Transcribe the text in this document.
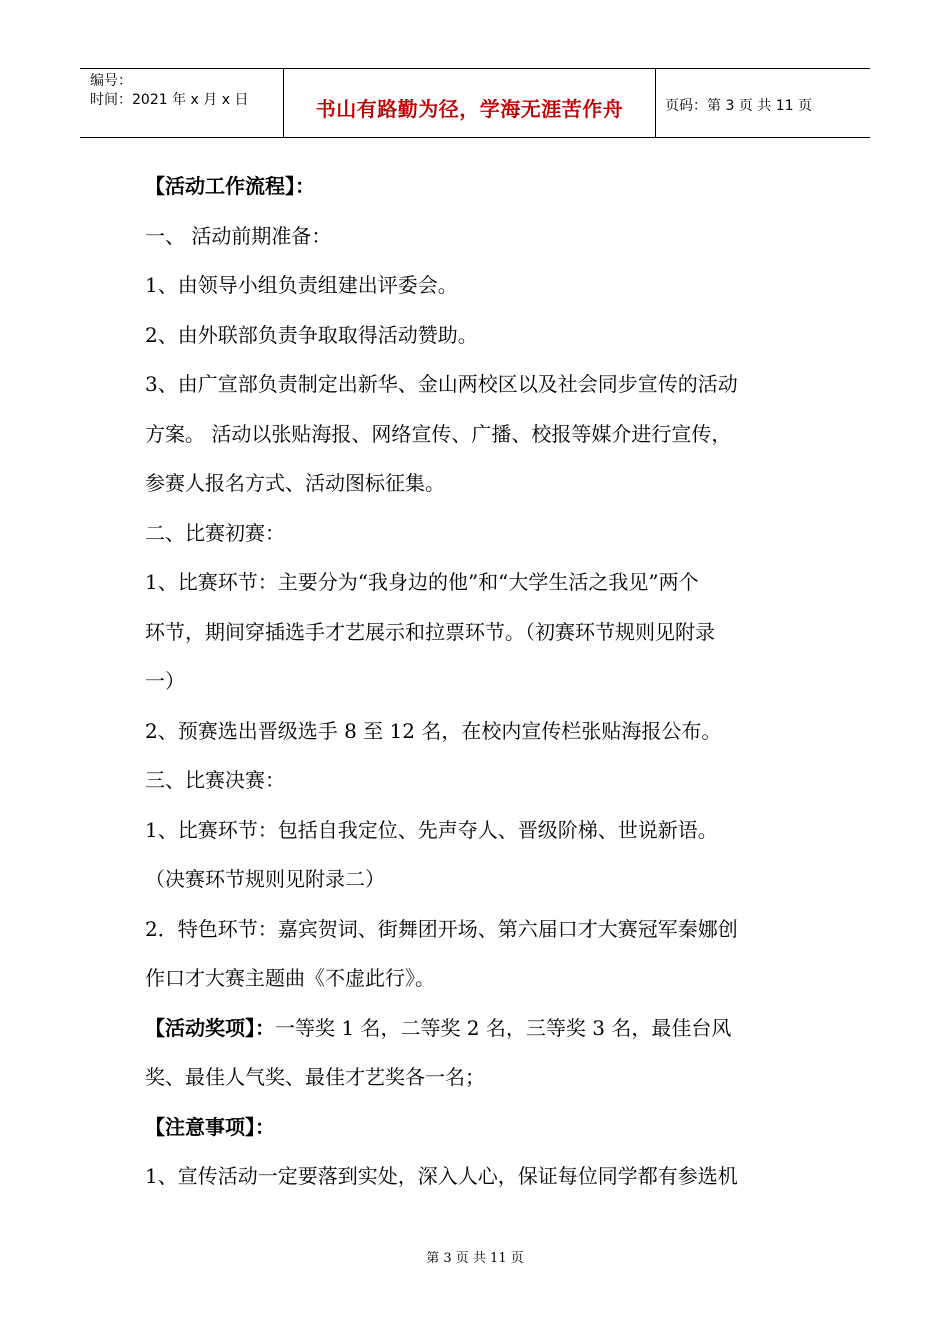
编号：
时间：2021 年 x 月 x 日	书山有路勤为径，学海无涯苦作舟	页码：第 3 页 共 11 页
【活动工作流程】：
一、 活动前期准备：
1、由领导小组负责组建出评委会。
2、由外联部负责争取取得活动赞助。
3、由广宣部负责制定出新华、金山两校区以及社会同步宣传的活动
方案。 活动以张贴海报、网络宣传、广播、校报等媒介进行宣传，
参赛人报名方式、活动图标征集。
二、比赛初赛：
1、比赛环节：主要分为“我身边的他”和“大学生活之我见”两个
环节，期间穿插选手才艺展示和拉票环节。（初赛环节规则见附录
一）
2、预赛选出晋级选手 8 至 12 名，在校内宣传栏张贴海报公布。
三、比赛决赛：
1、比赛环节：包括自我定位、先声夺人、晋级阶梯、世说新语。
（决赛环节规则见附录二）
2．特色环节：嘉宾贺词、街舞团开场、第六届口才大赛冠军秦娜创
作口才大赛主题曲《不虚此行》。
【活动奖项】：一等奖 1 名，二等奖 2 名，三等奖 3 名，最佳台风
奖、最佳人气奖、最佳才艺奖各一名；
【注意事项】：
1、宣传活动一定要落到实处，深入人心，保证每位同学都有参选机
第 3 页 共 11 页
